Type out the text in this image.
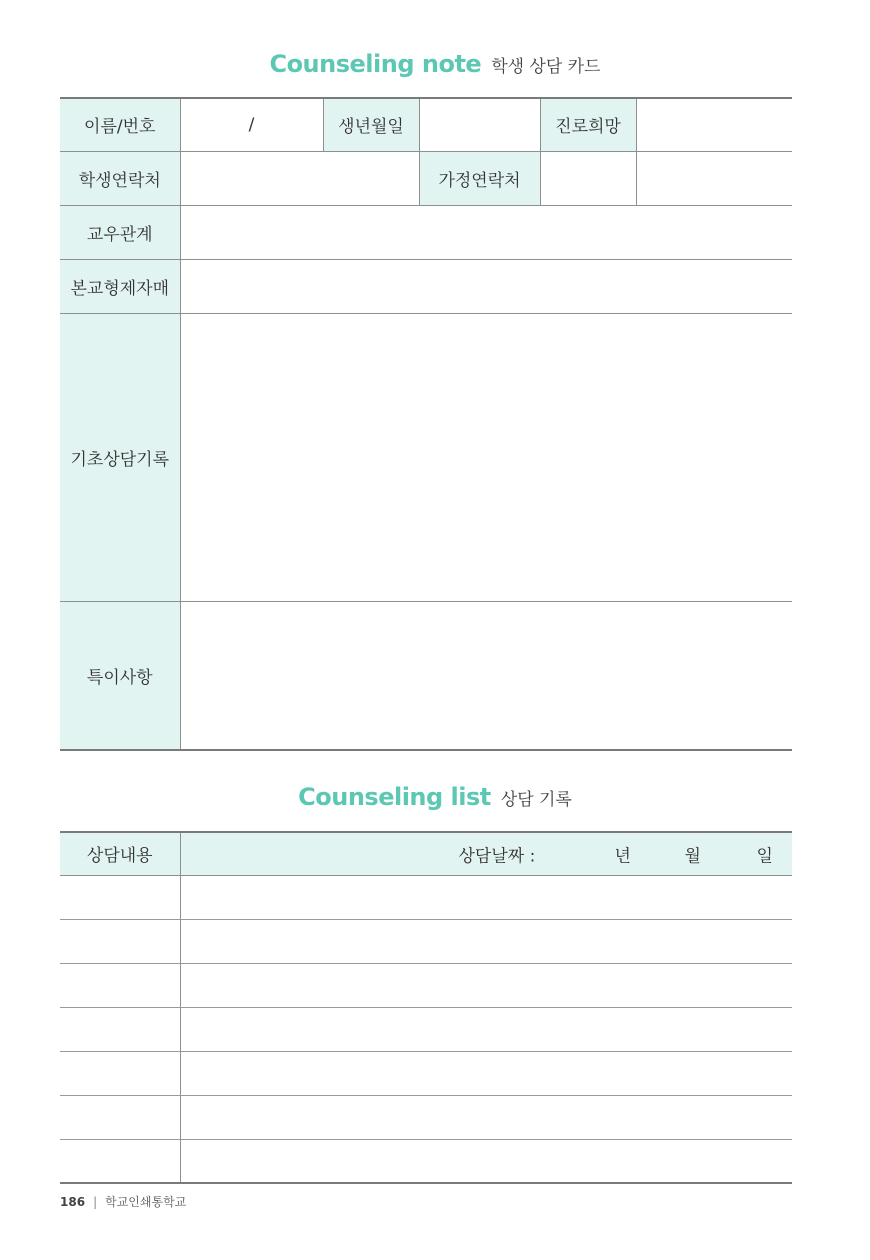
Counseling note 학생 상담 카드
이름/번호	/	생년월일		진로희망	
학생연락처			가정연락처		
교우관계					
본교형제자매					
기초상담기록					
특이사항					
Counseling list 상담 기록
상담내용	상담날짜 : 년 월 일

186 | 학교인쇄통학교
